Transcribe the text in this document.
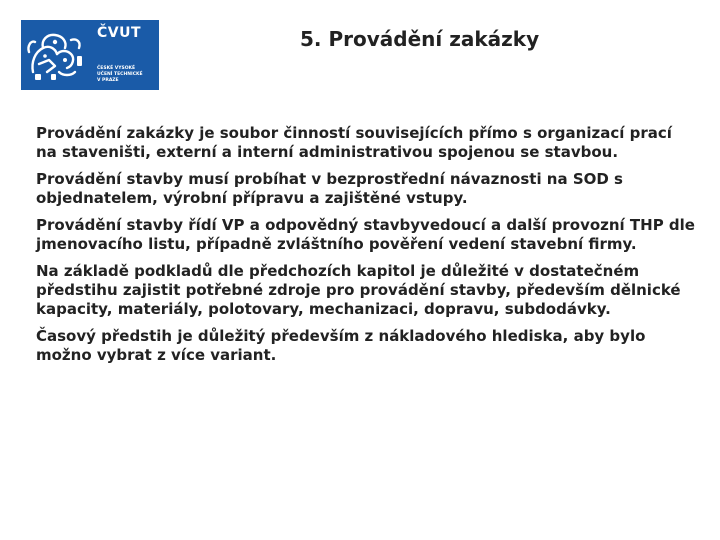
ČVUT
ČESKÉ VYSOKÉ
UČENÍ TECHNICKÉ
V PRAZE
5. Provádění zakázky

Provádění zakázky je soubor činností souvisejících přímo s organizací prací na staveništi, externí a interní administrativou spojenou se stavbou.

Provádění stavby musí probíhat v bezprostřední návaznosti na SOD s objednatelem, výrobní přípravu a zajištěné vstupy.

Provádění stavby řídí VP a odpovědný stavbyvedoucí a další provozní THP dle jmenovacího listu, případně zvláštního pověření vedení stavební firmy.

Na základě podkladů dle předchozích kapitol je důležité v dostatečném předstihu zajistit potřebné zdroje pro provádění stavby, především dělnické kapacity, materiály, polotovary, mechanizaci, dopravu, subdodávky.

Časový předstih je důležitý především z nákladového hlediska, aby bylo možno vybrat z více variant.
